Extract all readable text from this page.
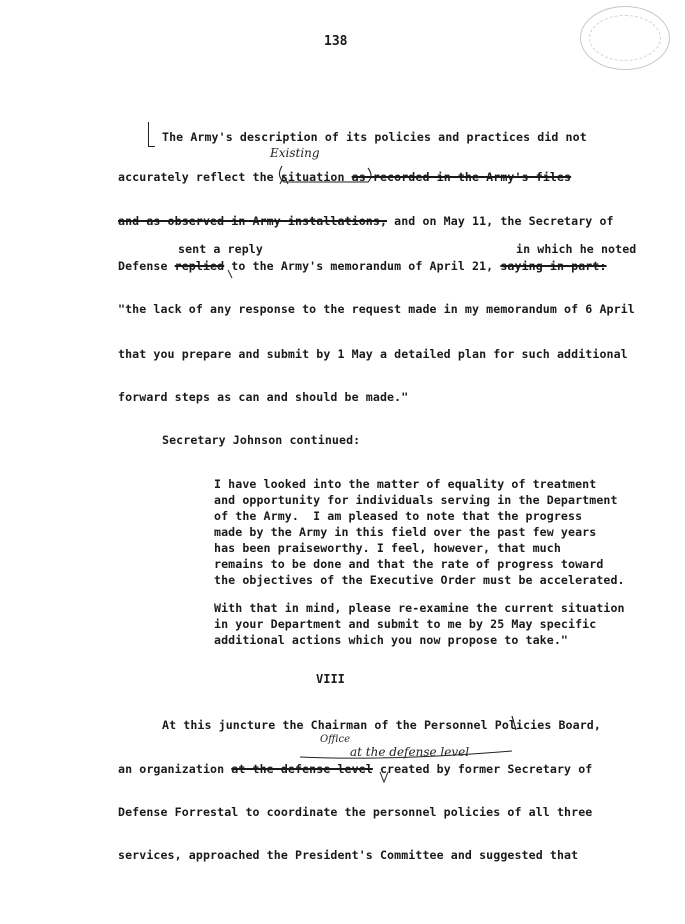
138
The Army's description of its policies and practices did not
Existing
accurately reflect the situation as recorded in the Army's files
and as observed in Army installations, and on May 11, the Secretary of
sent a reply	in which he noted
Defense replied to the Army's memorandum of April 21, saying in part:
"the lack of any response to the request made in my memorandum of 6 April
that you prepare and submit by 1 May a detailed plan for such additional
forward steps as can and should be made."
Secretary Johnson continued:
I have looked into the matter of equality of treatment
and opportunity for individuals serving in the Department
of the Army.  I am pleased to note that the progress
made by the Army in this field over the past few years
has been praiseworthy. I feel, however, that much
remains to be done and that the rate of progress toward
the objectives of the Executive Order must be accelerated.
With that in mind, please re-examine the current situation
in your Department and submit to me by 25 May specific
additional actions which you now propose to take."
VIII
At this juncture the Chairman of the Personnel Policies Board,
Office
at the defense level
an organization at the defense level created by former Secretary of
Defense Forrestal to coordinate the personnel policies of all three
services, approached the President's Committee and suggested that
